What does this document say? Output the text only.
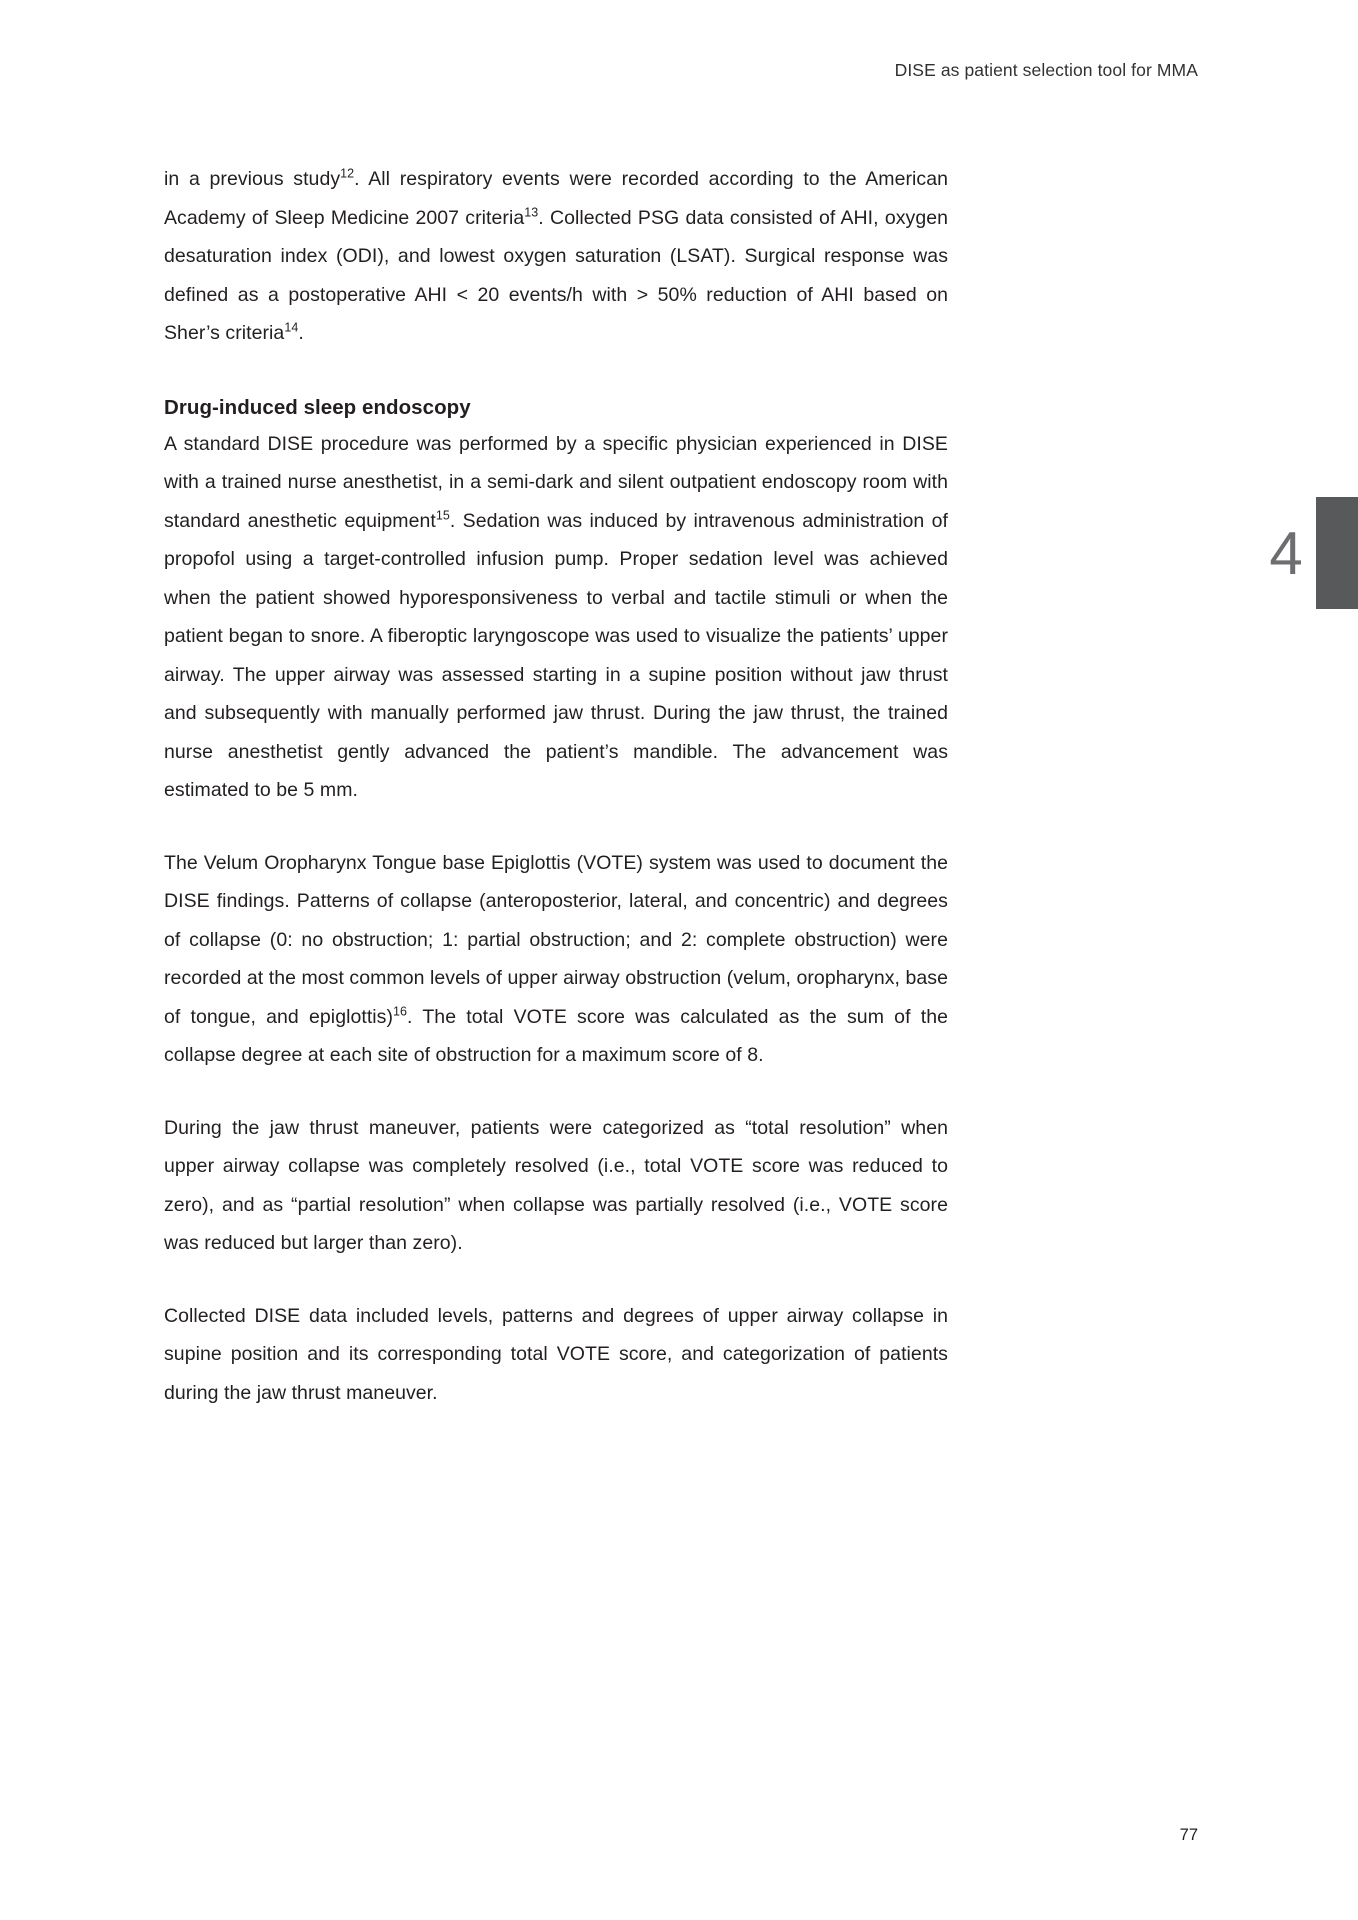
DISE as patient selection tool for MMA

in a previous study$^{12}$. All respiratory events were recorded according to the American Academy of Sleep Medicine 2007 criteria$^{13}$. Collected PSG data consisted of AHI, oxygen desaturation index (ODI), and lowest oxygen saturation (LSAT). Surgical response was defined as a postoperative AHI < 20 events/h with > 50% reduction of AHI based on Sher’s criteria$^{14}$.

Drug-induced sleep endoscopy

A standard DISE procedure was performed by a specific physician experienced in DISE with a trained nurse anesthetist, in a semi-dark and silent outpatient endoscopy room with standard anesthetic equipment$^{15}$. Sedation was induced by intravenous administration of propofol using a target-controlled infusion pump. Proper sedation level was achieved when the patient showed hyporesponsiveness to verbal and tactile stimuli or when the patient began to snore. A fiberoptic laryngoscope was used to visualize the patients’ upper airway. The upper airway was assessed starting in a supine position without jaw thrust and subsequently with manually performed jaw thrust. During the jaw thrust, the trained nurse anesthetist gently advanced the patient’s mandible. The advancement was estimated to be 5 mm.

The Velum Oropharynx Tongue base Epiglottis (VOTE) system was used to document the DISE findings. Patterns of collapse (anteroposterior, lateral, and concentric) and degrees of collapse (0: no obstruction; 1: partial obstruction; and 2: complete obstruction) were recorded at the most common levels of upper airway obstruction (velum, oropharynx, base of tongue, and epiglottis)$^{16}$. The total VOTE score was calculated as the sum of the collapse degree at each site of obstruction for a maximum score of 8.

During the jaw thrust maneuver, patients were categorized as “total resolution” when upper airway collapse was completely resolved (i.e., total VOTE score was reduced to zero), and as “partial resolution” when collapse was partially resolved (i.e., VOTE score was reduced but larger than zero).

Collected DISE data included levels, patterns and degrees of upper airway collapse in supine position and its corresponding total VOTE score, and categorization of patients during the jaw thrust maneuver.

4
77
